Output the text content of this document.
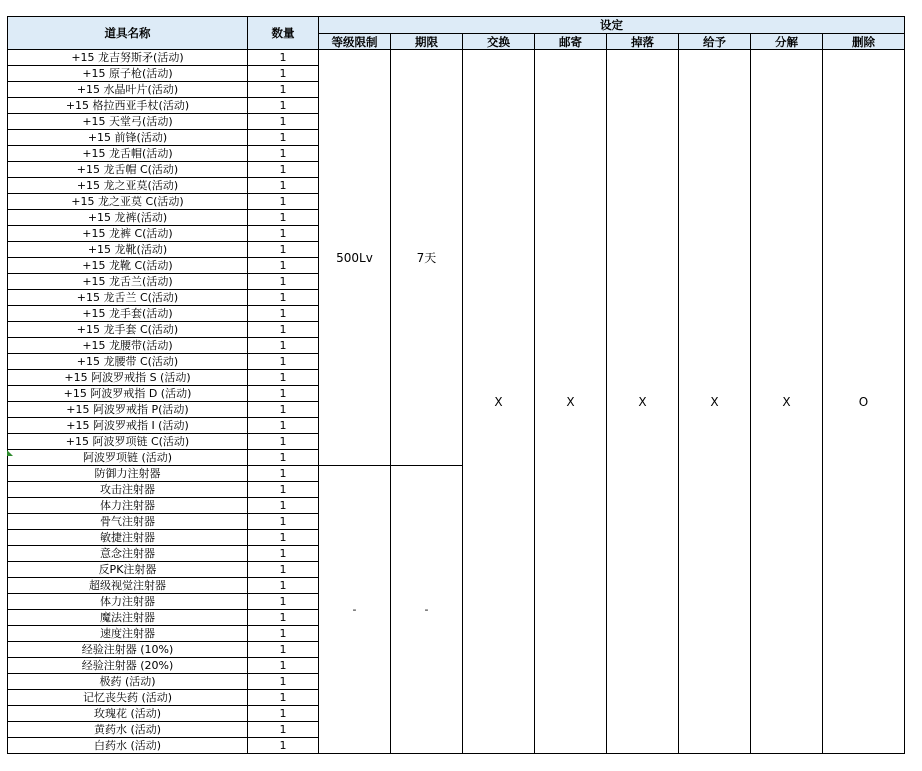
道具名称	数量	设定							
		等级限制	期限	交换	邮寄	掉落	给予	分解	删除
+15 龙吉努斯矛(活动)	1	500Lv	7天	X	X	X	X	X	O
+15 原子枪(活动)	1								
+15 水晶叶片(活动)	1								
+15 格拉西亚手杖(活动)	1								
+15 天堂弓(活动)	1								
+15 前锋(活动)	1								
+15 龙舌帽(活动)	1								
+15 龙舌帽 C(活动)	1								
+15 龙之亚莫(活动)	1								
+15 龙之亚莫 C(活动)	1								
+15 龙裤(活动)	1								
+15 龙裤 C(活动)	1								
+15 龙靴(活动)	1								
+15 龙靴 C(活动)	1								
+15 龙舌兰(活动)	1								
+15 龙舌兰 C(活动)	1								
+15 龙手套(活动)	1								
+15 龙手套 C(活动)	1								
+15 龙腰带(活动)	1								
+15 龙腰带 C(活动)	1								
+15 阿波罗戒指 S (活动)	1								
+15 阿波罗戒指 D (活动)	1								
+15 阿波罗戒指 P(活动)	1								
+15 阿波罗戒指 I (活动)	1								
+15 阿波罗项链 C(活动)	1								
阿波罗项链 (活动)	1								
防御力注射器	1	-	-						
攻击注射器	1								
体力注射器	1								
骨气注射器	1								
敏捷注射器	1								
意念注射器	1								
反PK注射器	1								
超级视觉注射器	1								
体力注射器	1								
魔法注射器	1								
速度注射器	1								
经验注射器 (10%)	1								
经验注射器 (20%)	1								
极药 (活动)	1								
记忆丧失药 (活动)	1								
玫瑰花 (活动)	1								
黄药水 (活动)	1								
白药水 (活动)	1								
